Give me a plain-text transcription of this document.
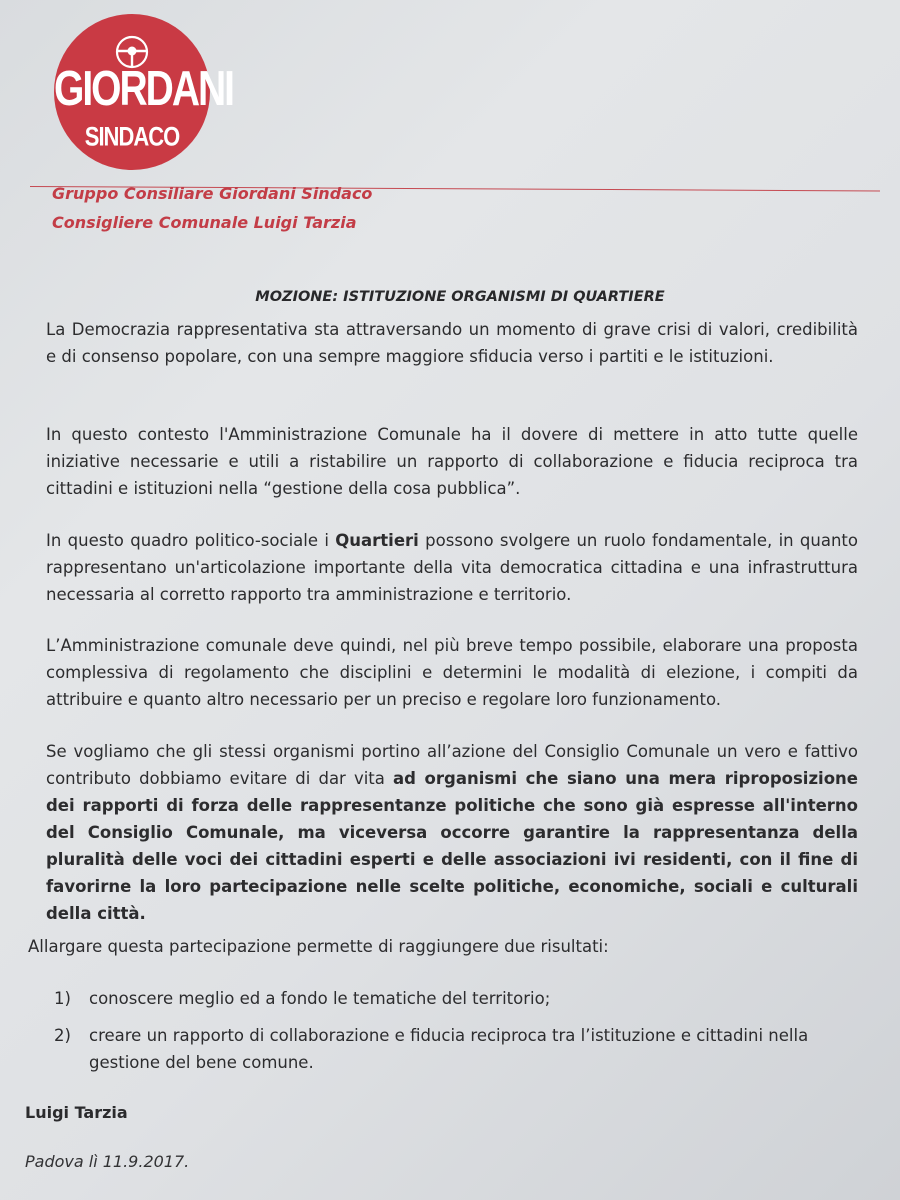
GIORDANI
SINDACO
Gruppo Consiliare Giordani Sindaco
Consigliere Comunale Luigi Tarzia
MOZIONE: ISTITUZIONE ORGANISMI DI QUARTIERE

La Democrazia rappresentativa sta attraversando un momento di grave crisi di valori, credibilità e di consenso popolare, con una sempre maggiore sfiducia verso i partiti e le istituzioni.

In questo contesto l'Amministrazione Comunale ha il dovere di mettere in atto tutte quelle iniziative necessarie e utili a ristabilire un rapporto di collaborazione e fiducia reciproca tra cittadini e istituzioni nella “gestione della cosa pubblica”.

In questo quadro politico-sociale i Quartieri possono svolgere un ruolo fondamentale, in quanto rappresentano un'articolazione importante della vita democratica cittadina e una infrastruttura necessaria al corretto rapporto tra amministrazione e territorio.

L’Amministrazione comunale deve quindi, nel più breve tempo possibile, elaborare una proposta complessiva di regolamento che disciplini e determini le modalità di elezione, i compiti da attribuire e quanto altro necessario per un preciso e regolare loro funzionamento.

Se vogliamo che gli stessi organismi portino all’azione del Consiglio Comunale un vero e fattivo contributo dobbiamo evitare di dar vita ad organismi che siano una mera riproposizione dei rapporti di forza delle rappresentanze politiche che sono già espresse all'interno del Consiglio Comunale, ma viceversa occorre garantire la rappresentanza della pluralità delle voci dei cittadini esperti e delle associazioni ivi residenti, con il fine di favorirne la loro partecipazione nelle scelte politiche, economiche, sociali e culturali della città.

Allargare questa partecipazione permette di raggiungere due risultati:

1) conoscere meglio ed a fondo le tematiche del territorio;
2) creare un rapporto di collaborazione e fiducia reciproca tra l’istituzione e cittadini nella gestione del bene comune.
Luigi Tarzia
Padova lì 11.9.2017.
